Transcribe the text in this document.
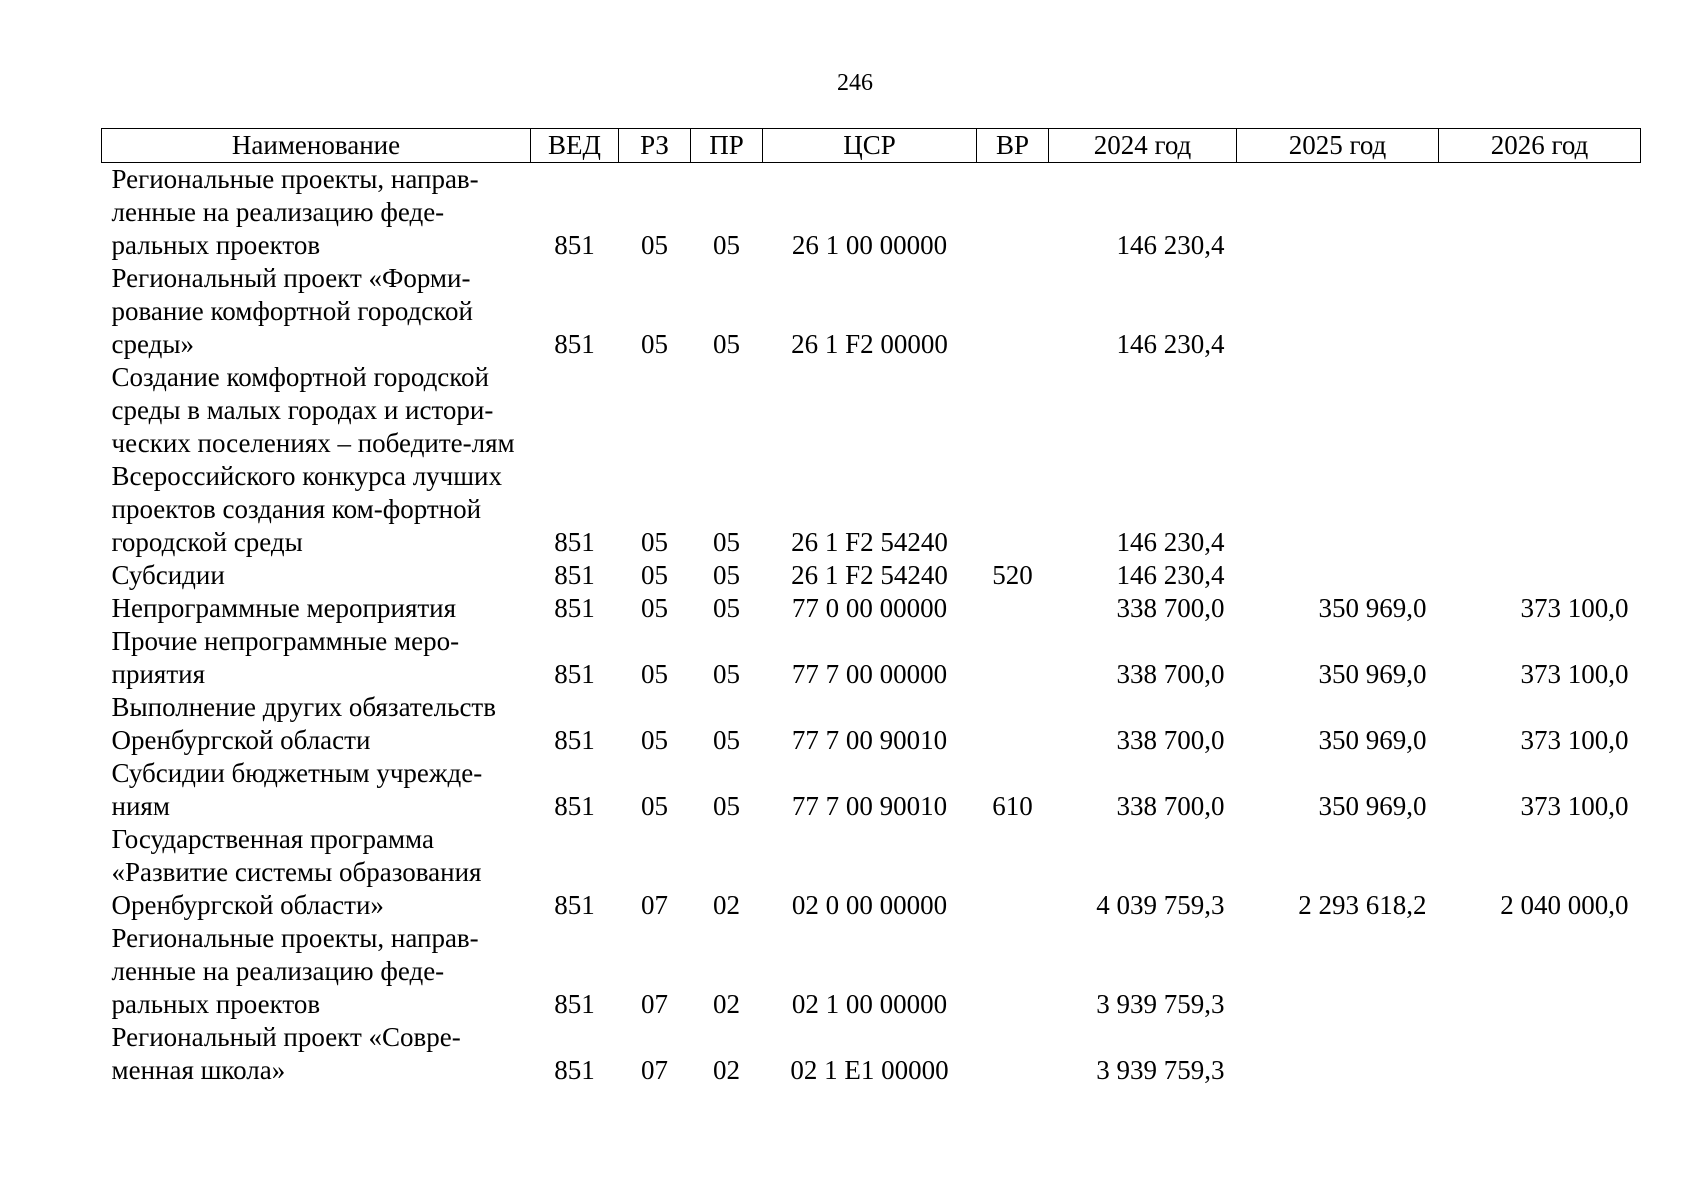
246
Наименование	ВЕД	РЗ	ПР	ЦСР	ВР	2024 год	2025 год	2026 год
Региональные проекты, направ-ленные на реализацию феде-ральных проектов	851	05	05	26 1 00 00000		146 230,4		
Региональный проект «Форми-рование комфортной городской среды»	851	05	05	26 1 F2 00000		146 230,4		
Создание комфортной городской среды в малых городах и истори-ческих поселениях – победите-лям Всероссийского конкурса лучших проектов создания ком-фортной городской среды	851	05	05	26 1 F2 54240		146 230,4		
Субсидии	851	05	05	26 1 F2 54240	520	146 230,4		
Непрограммные мероприятия	851	05	05	77 0 00 00000		338 700,0	350 969,0	373 100,0
Прочие непрограммные меро-приятия	851	05	05	77 7 00 00000		338 700,0	350 969,0	373 100,0
Выполнение других обязательств Оренбургской области	851	05	05	77 7 00 90010		338 700,0	350 969,0	373 100,0
Субсидии бюджетным учрежде-ниям	851	05	05	77 7 00 90010	610	338 700,0	350 969,0	373 100,0
Государственная программа «Развитие системы образования Оренбургской области»	851	07	02	02 0 00 00000		4 039 759,3	2 293 618,2	2 040 000,0
Региональные проекты, направ-ленные на реализацию феде-ральных проектов	851	07	02	02 1 00 00000		3 939 759,3		
Региональный проект «Совре-менная школа»	851	07	02	02 1 E1 00000		3 939 759,3		
